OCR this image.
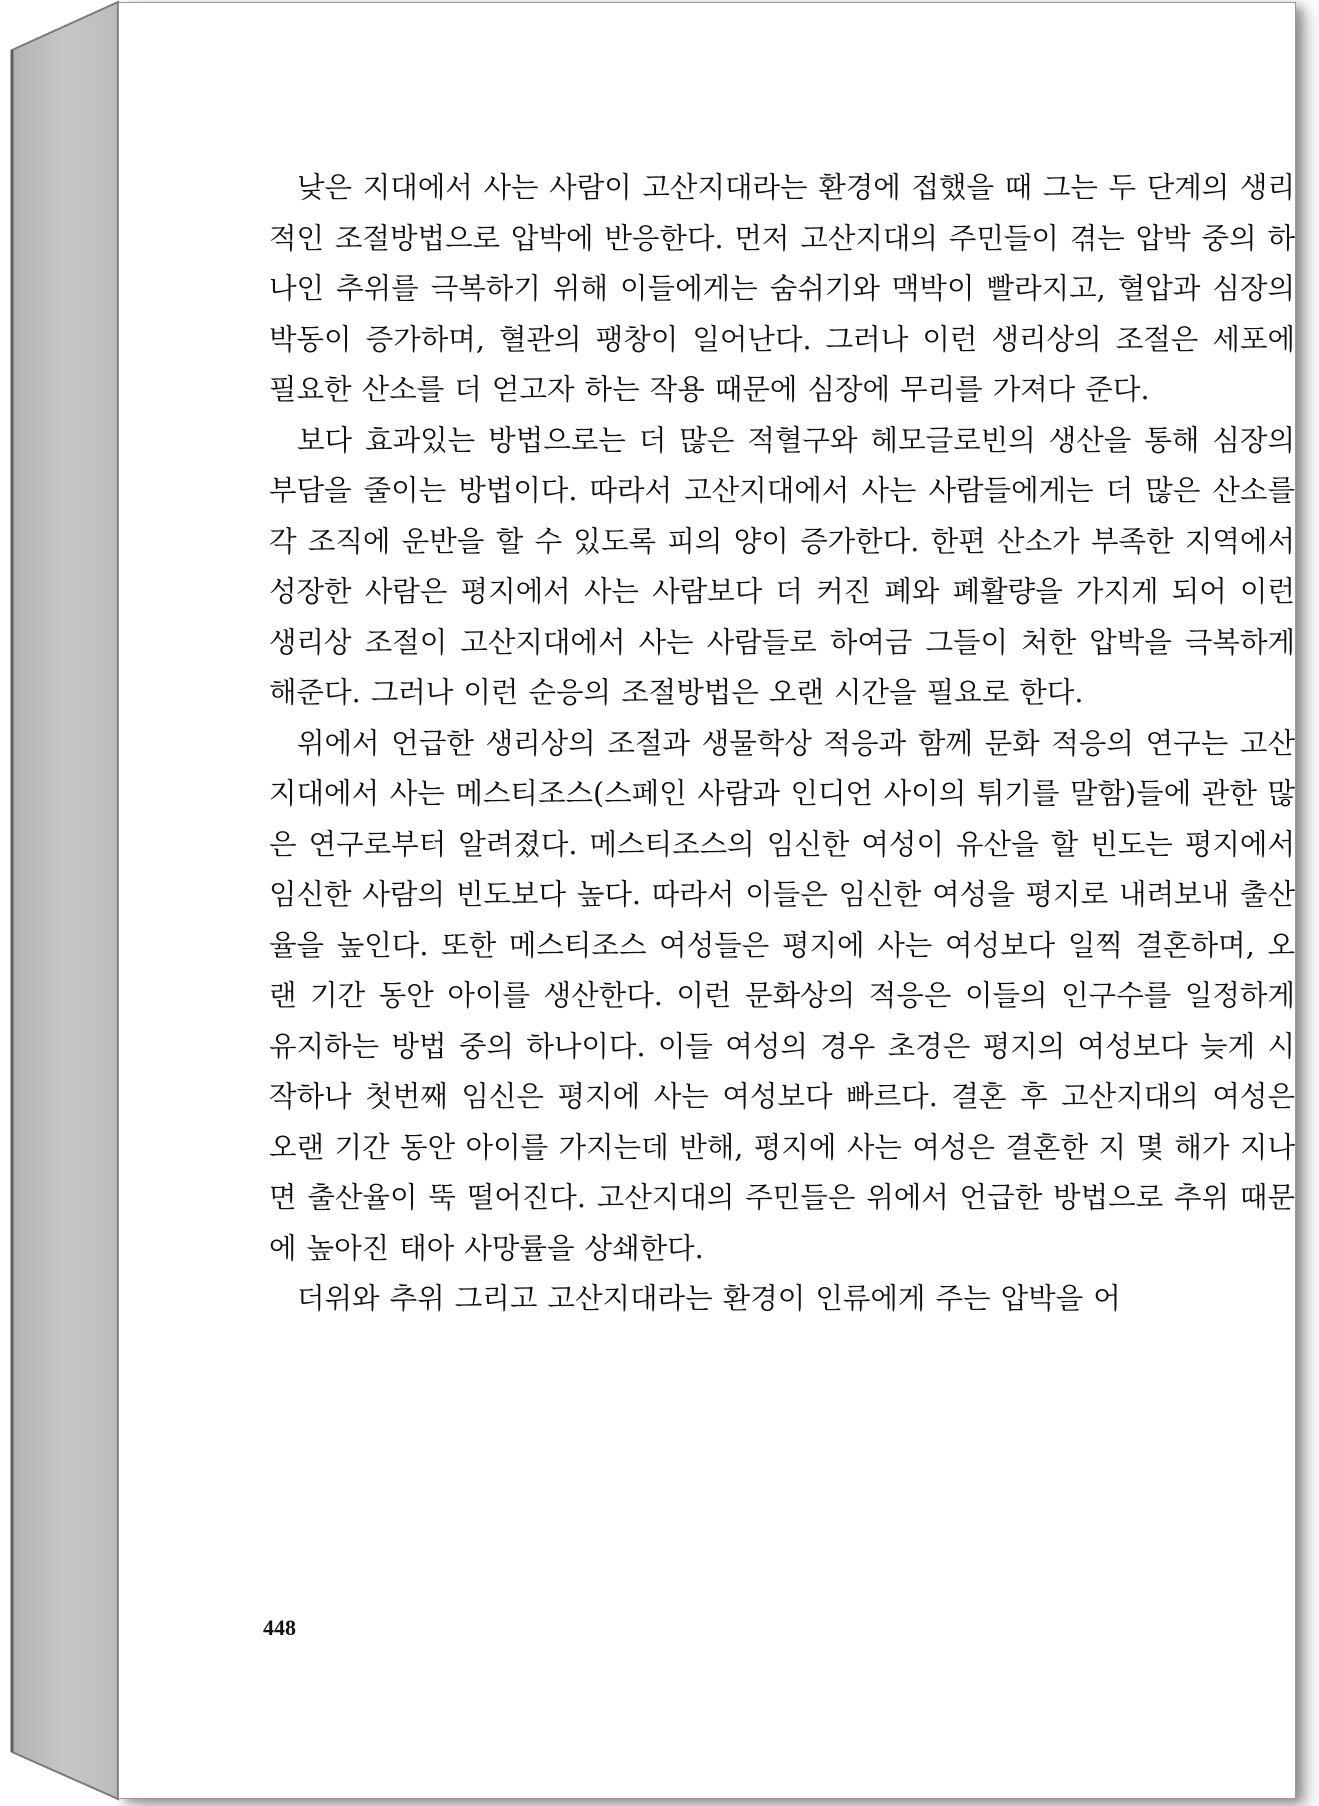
낮은 지대에서 사는 사람이 고산지대라는 환경에 접했을 때 그는 두 단계의 생리적인 조절방법으로 압박에 반응한다. 먼저 고산지대의 주민들이 겪는 압박 중의 하나인 추위를 극복하기 위해 이들에게는 숨쉬기와 맥박이 빨라지고, 혈압과 심장의 박동이 증가하며, 혈관의 팽창이 일어난다. 그러나 이런 생리상의 조절은 세포에 필요한 산소를 더 얻고자 하는 작용 때문에 심장에 무리를 가져다 준다.

보다 효과있는 방법으로는 더 많은 적혈구와 헤모글로빈의 생산을 통해 심장의 부담을 줄이는 방법이다. 따라서 고산지대에서 사는 사람들에게는 더 많은 산소를 각 조직에 운반을 할 수 있도록 피의 양이 증가한다. 한편 산소가 부족한 지역에서 성장한 사람은 평지에서 사는 사람보다 더 커진 폐와 폐활량을 가지게 되어 이런 생리상 조절이 고산지대에서 사는 사람들로 하여금 그들이 처한 압박을 극복하게 해준다. 그러나 이런 순응의 조절방법은 오랜 시간을 필요로 한다.

위에서 언급한 생리상의 조절과 생물학상 적응과 함께 문화 적응의 연구는 고산지대에서 사는 메스티조스(스페인 사람과 인디언 사이의 튀기를 말함)들에 관한 많은 연구로부터 알려졌다. 메스티조스의 임신한 여성이 유산을 할 빈도는 평지에서 임신한 사람의 빈도보다 높다. 따라서 이들은 임신한 여성을 평지로 내려보내 출산율을 높인다. 또한 메스티조스 여성들은 평지에 사는 여성보다 일찍 결혼하며, 오랜 기간 동안 아이를 생산한다. 이런 문화상의 적응은 이들의 인구수를 일정하게 유지하는 방법 중의 하나이다. 이들 여성의 경우 초경은 평지의 여성보다 늦게 시작하나 첫번째 임신은 평지에 사는 여성보다 빠르다. 결혼 후 고산지대의 여성은 오랜 기간 동안 아이를 가지는데 반해, 평지에 사는 여성은 결혼한 지 몇 해가 지나면 출산율이 뚝 떨어진다. 고산지대의 주민들은 위에서 언급한 방법으로 추위 때문에 높아진 태아 사망률을 상쇄한다.

더위와 추위 그리고 고산지대라는 환경이 인류에게 주는 압박을 어

448
